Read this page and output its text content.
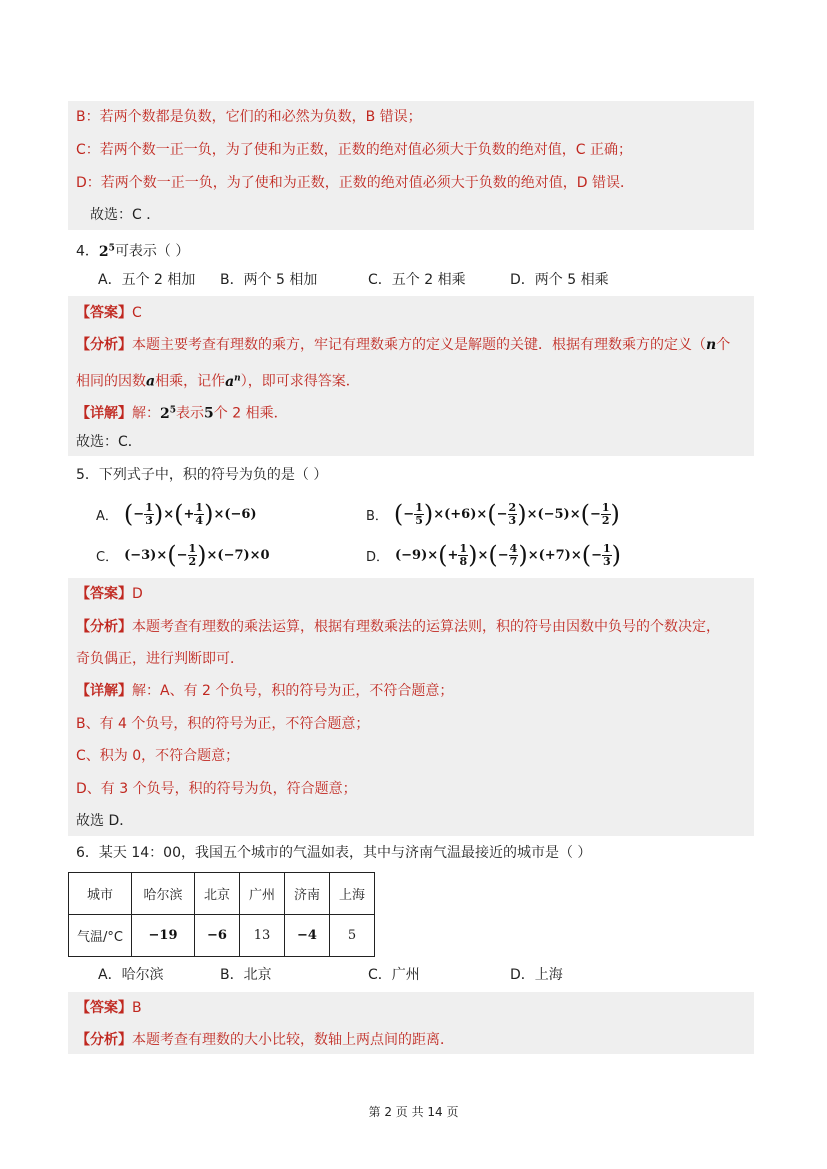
B：若两个数都是负数，它们的和必然为负数，B 错误；
C：若两个数一正一负，为了使和为正数，正数的绝对值必须大于负数的绝对值，C 正确；
D：若两个数一正一负，为了使和为正数，正数的绝对值必须大于负数的绝对值，D 错误．
故选：C ．
4．$2^5$可表示（ ）
A．五个 2 相加 B．两个 5 相加	C．五个 2 相乘	D．两个 5 相乘
【答案】C
【分析】本题主要考查有理数的乘方，牢记有理数乘方的定义是解题的关键．根据有理数乘方的定义（n个
相同的因数a相乘，记作$a^n$），即可求得答案．
【详解】解：$2^5$表示5个 2 相乘．
故选：C．
5．下列式子中，积的符号为负的是（ ）
A． ( − $\frac{1}{3}$ ) × ( + $\frac{1}{4}$ ) ×(−6)	B． ( − $\frac{1}{5}$ ) ×(+6)× ( − $\frac{2}{3}$ ) ×(−5)× ( − $\frac{1}{2}$ )
C． (−3)× ( − $\frac{1}{2}$ ) ×(−7)×0	D． (−9)× ( + $\frac{1}{8}$ ) × ( − $\frac{4}{7}$ ) ×(+7)× ( − $\frac{1}{3}$ )
【答案】D
【分析】本题考查有理数的乘法运算，根据有理数乘法的运算法则，积的符号由因数中负号的个数决定，
奇负偶正，进行判断即可．
【详解】解：A、有 2 个负号，积的符号为正，不符合题意；
B、有 4 个负号，积的符号为正，不符合题意；
C、积为 0，不符合题意；
D、有 3 个负号，积的符号为负，符合题意；
故选 D．
6．某天 14：00，我国五个城市的气温如表，其中与济南气温最接近的城市是（ ）
城市	哈尔滨	北京	广州	济南	上海
气温/°C	−19	−6	13	−4	5
A．哈尔滨	B．北京	C．广州	D．上海
【答案】B
【分析】本题考查有理数的大小比较，数轴上两点间的距离．
第 2 页 共 14 页
